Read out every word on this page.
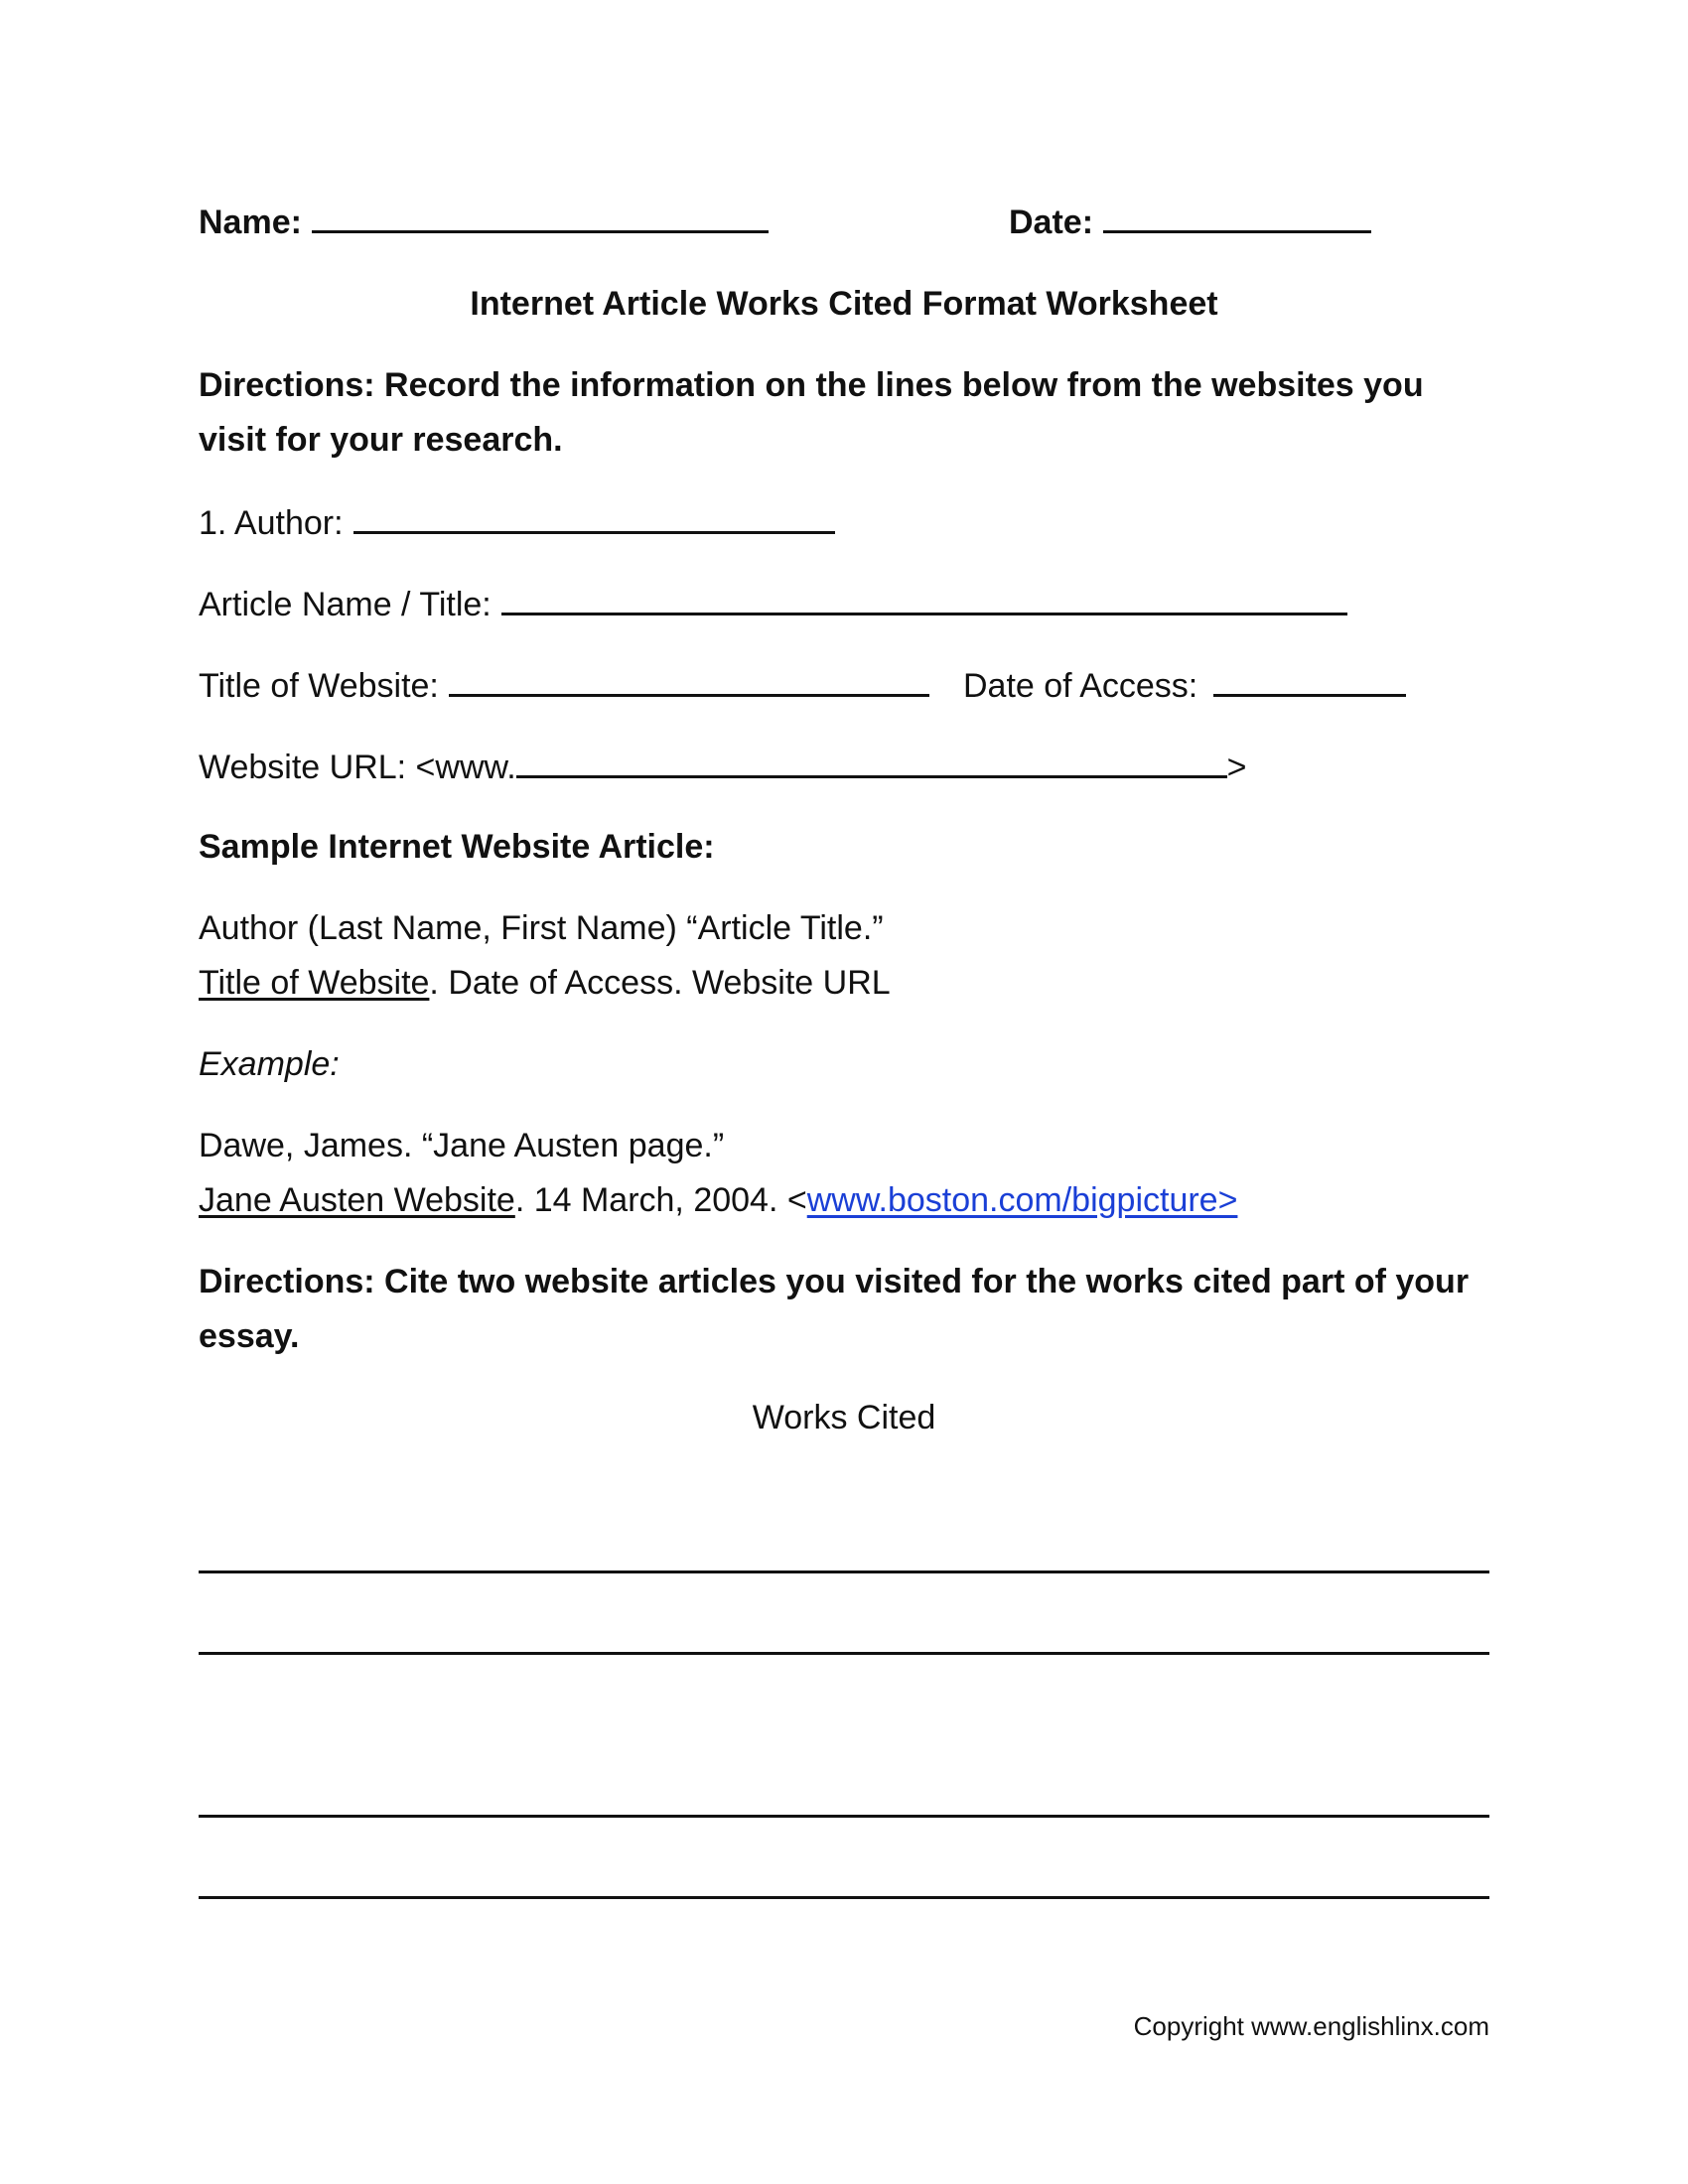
Name:	Date:
Internet Article Works Cited Format Worksheet
Directions: Record the information on the lines below from the websites you
visit for your research.
1. Author:
Article Name / Title:
Title of Website:	Date of Access:
Website URL: <www.	>
Sample Internet Website Article:
Author (Last Name, First Name) “Article Title.”
Title of Website. Date of Access. Website URL
Example:
Dawe, James. “Jane Austen page.”
Jane Austen Website. 14 March, 2004. <www.boston.com/bigpicture>
Directions: Cite two website articles you visited for the works cited part of your
essay.
Works Cited
Copyright www.englishlinx.com
